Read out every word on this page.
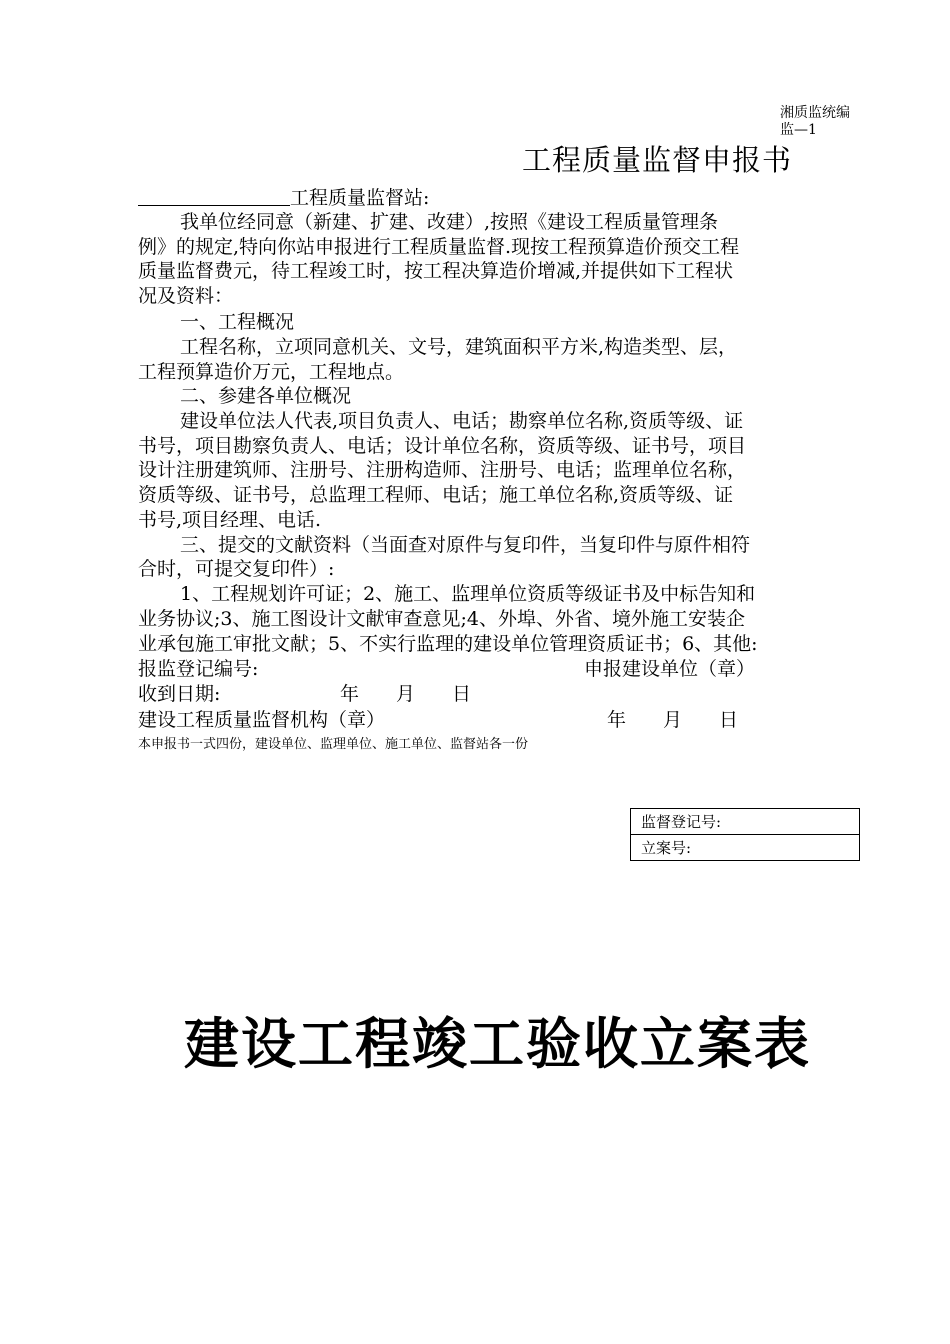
湘质监统编
监—1
工程质量监督申报书
工程质量监督站:
我单位经同意（新建、扩建、改建）,按照《建设工程质量管理条
例》的规定,特向你站申报进行工程质量监督.现按工程预算造价预交工程
质量监督费元，待工程竣工时，按工程决算造价增减,并提供如下工程状
况及资料：
一、工程概况
工程名称，立项同意机关、文号，建筑面积平方米,构造类型、层，
工程预算造价万元，工程地点。
二、参建各单位概况
建设单位法人代表,项目负责人、电话；勘察单位名称,资质等级、证
书号，项目勘察负责人、电话；设计单位名称，资质等级、证书号，项目
设计注册建筑师、注册号、注册构造师、注册号、电话；监理单位名称，
资质等级、证书号，总监理工程师、电话；施工单位名称,资质等级、证
书号,项目经理、电话.
三、提交的文献资料（当面查对原件与复印件，当复印件与原件相符
合时，可提交复印件）:
1、工程规划许可证；2、施工、监理单位资质等级证书及中标告知和
业务协议;3、施工图设计文献审查意见;4、外埠、外省、境外施工安装企
业承包施工审批文献；5、不实行监理的建设单位管理资质证书；6、其他:
报监登记编号:	申报建设单位（章）
收到日期:	年 月 日
建设工程质量监督机构（章）	年 月 日
本申报书一式四份，建设单位、监理单位、施工单位、监督站各一份
监督登记号:
立案号:
建设工程竣工验收立案表
